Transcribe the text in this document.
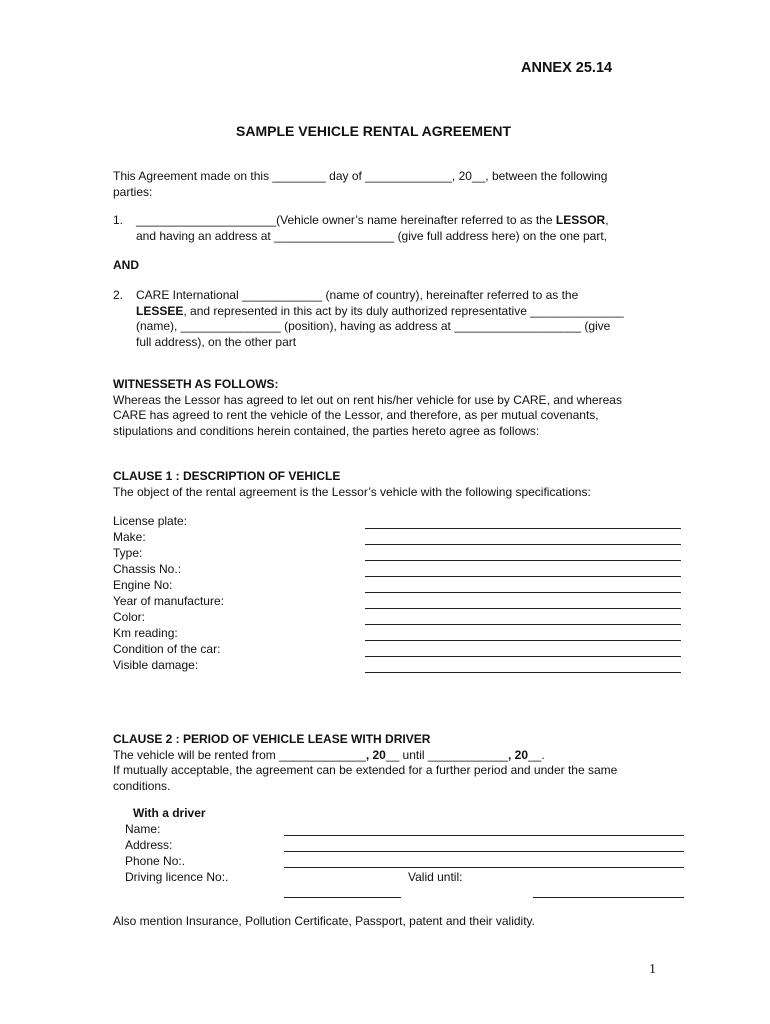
ANNEX 25.14
SAMPLE VEHICLE RENTAL AGREEMENT
This Agreement made on this ________ day of _____________, 20__, between the following
parties:
1. _____________________(Vehicle owner’s name hereinafter referred to as the LESSOR,
and having an address at __________________ (give full address here) on the one part,
AND
2. CARE International ____________ (name of country), hereinafter referred to as the
LESSEE, and represented in this act by its duly authorized representative ______________
(name), _______________ (position), having as address at ___________________ (give
full address), on the other part
WITNESSETH AS FOLLOWS:
Whereas the Lessor has agreed to let out on rent his/her vehicle for use by CARE, and whereas
CARE has agreed to rent the vehicle of the Lessor, and therefore, as per mutual covenants,
stipulations and conditions herein contained, the parties hereto agree as follows:
CLAUSE 1 : DESCRIPTION OF VEHICLE
The object of the rental agreement is the Lessor’s vehicle with the following specifications:
License plate:
Make:
Type:
Chassis No.:
Engine No:
Year of manufacture:
Color:
Km reading:
Condition of the car:
Visible damage:
CLAUSE 2 : PERIOD OF VEHICLE LEASE WITH DRIVER
The vehicle will be rented from _____________, 20__ until ____________, 20__.
If mutually acceptable, the agreement can be extended for a further period and under the same
conditions.
With a driver
Name:
Address:
Phone No:.
Driving licence No:.	Valid until:
Also mention Insurance, Pollution Certificate, Passport, patent and their validity.
1
